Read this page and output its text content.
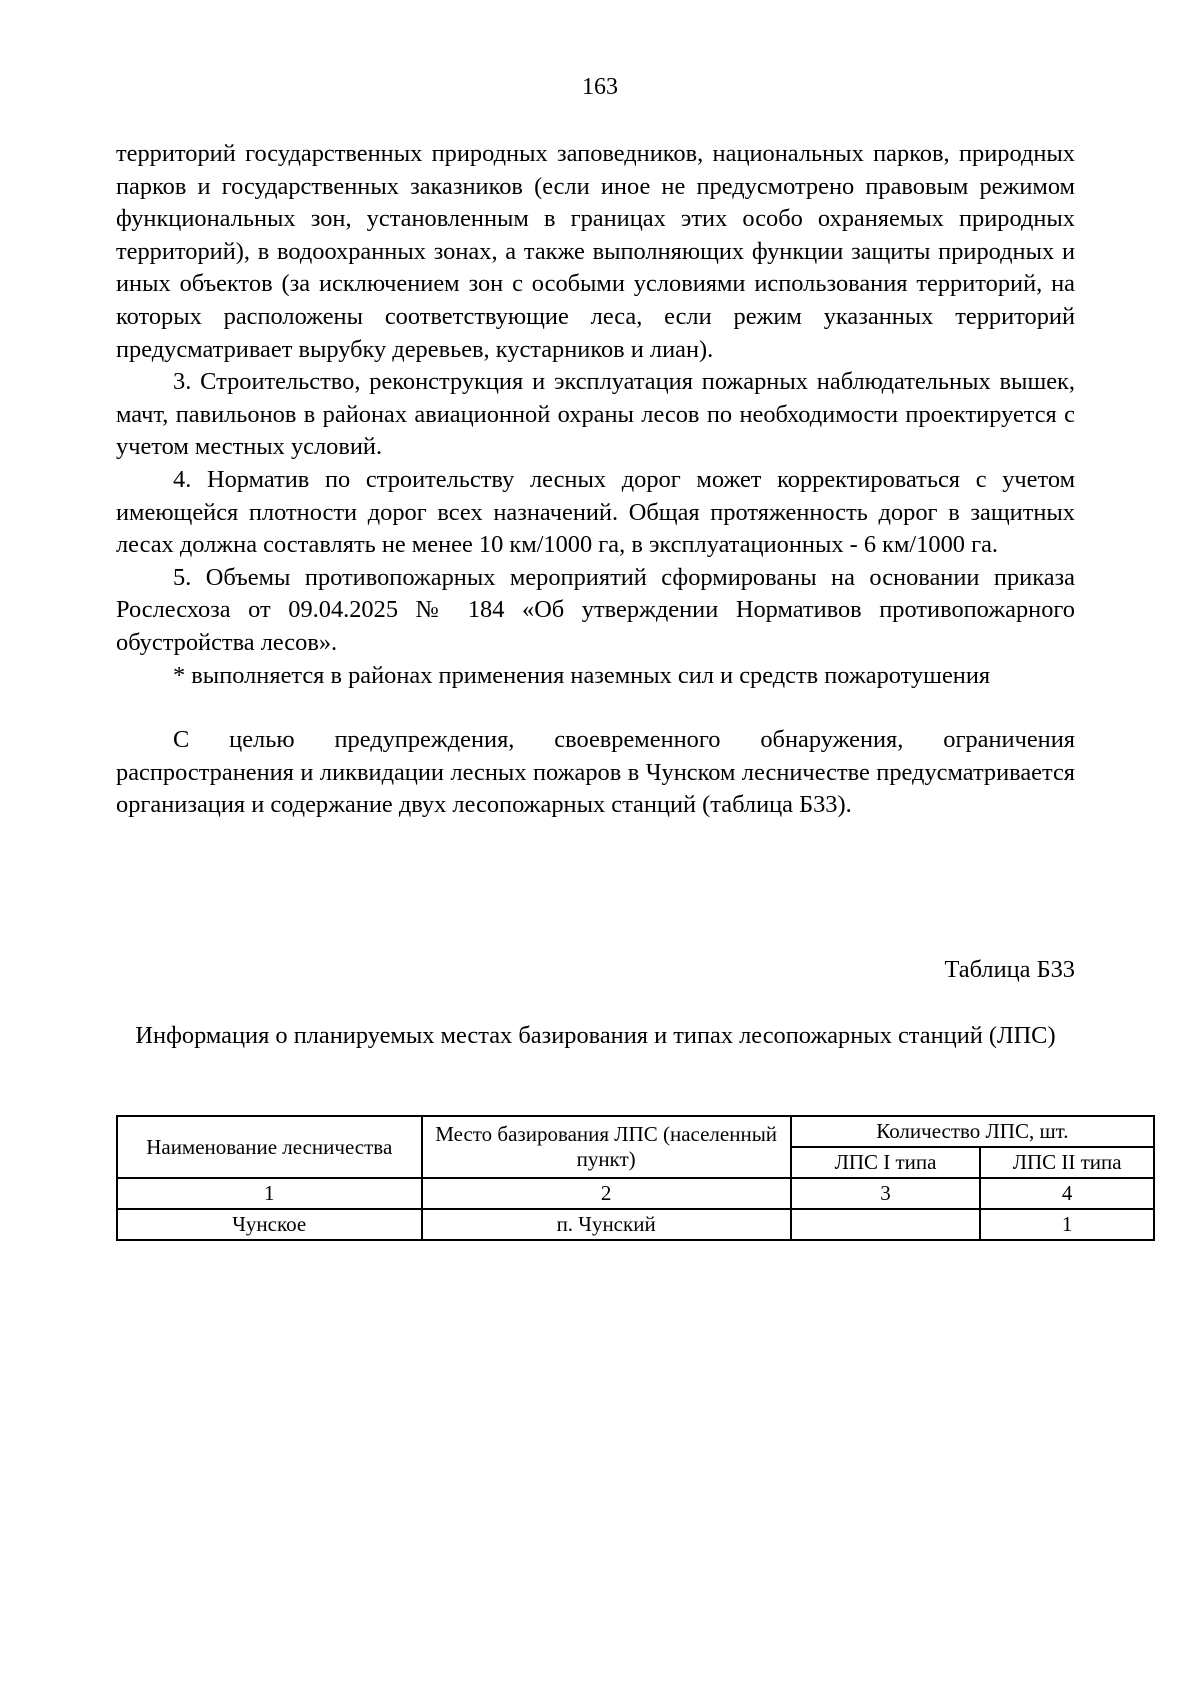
163

территорий государственных природных заповедников, национальных парков, природных парков и государственных заказников (если иное не предусмотрено правовым режимом функциональных зон, установленным в границах этих особо охраняемых природных территорий), в водоохранных зонах, а также выполняющих функции защиты природных и иных объектов (за исключением зон с особыми условиями использования территорий, на которых расположены соответствующие леса, если режим указанных территорий предусматривает вырубку деревьев, кустарников и лиан).

3. Строительство, реконструкция и эксплуатация пожарных наблюдательных вышек, мачт, павильонов в районах авиационной охраны лесов по необходимости проектируется с учетом местных условий.

4. Норматив по строительству лесных дорог может корректироваться с учетом имеющейся плотности дорог всех назначений. Общая протяженность дорог в защитных лесах должна составлять не менее 10 км/1000 га, в эксплуатационных - 6 км/1000 га.

5. Объемы противопожарных мероприятий сформированы на основании приказа Рослесхоза от 09.04.2025 № 184 «Об утверждении Нормативов противопожарного обустройства лесов».

* выполняется в районах применения наземных сил и средств пожаротушения

С целью предупреждения, своевременного обнаружения, ограничения распространения и ликвидации лесных пожаров в Чунском лесничестве предусматривается организация и содержание двух лесопожарных станций (таблица Б33).

Таблица Б33
Информация о планируемых местах базирования и типах лесопожарных станций (ЛПС)
Наименование лесничества	Место базирования ЛПС (населенный пункт)	Количество ЛПС, шт.	
		ЛПС I типа	ЛПС II типа
1	2	3	4
Чунское	п. Чунский		1
